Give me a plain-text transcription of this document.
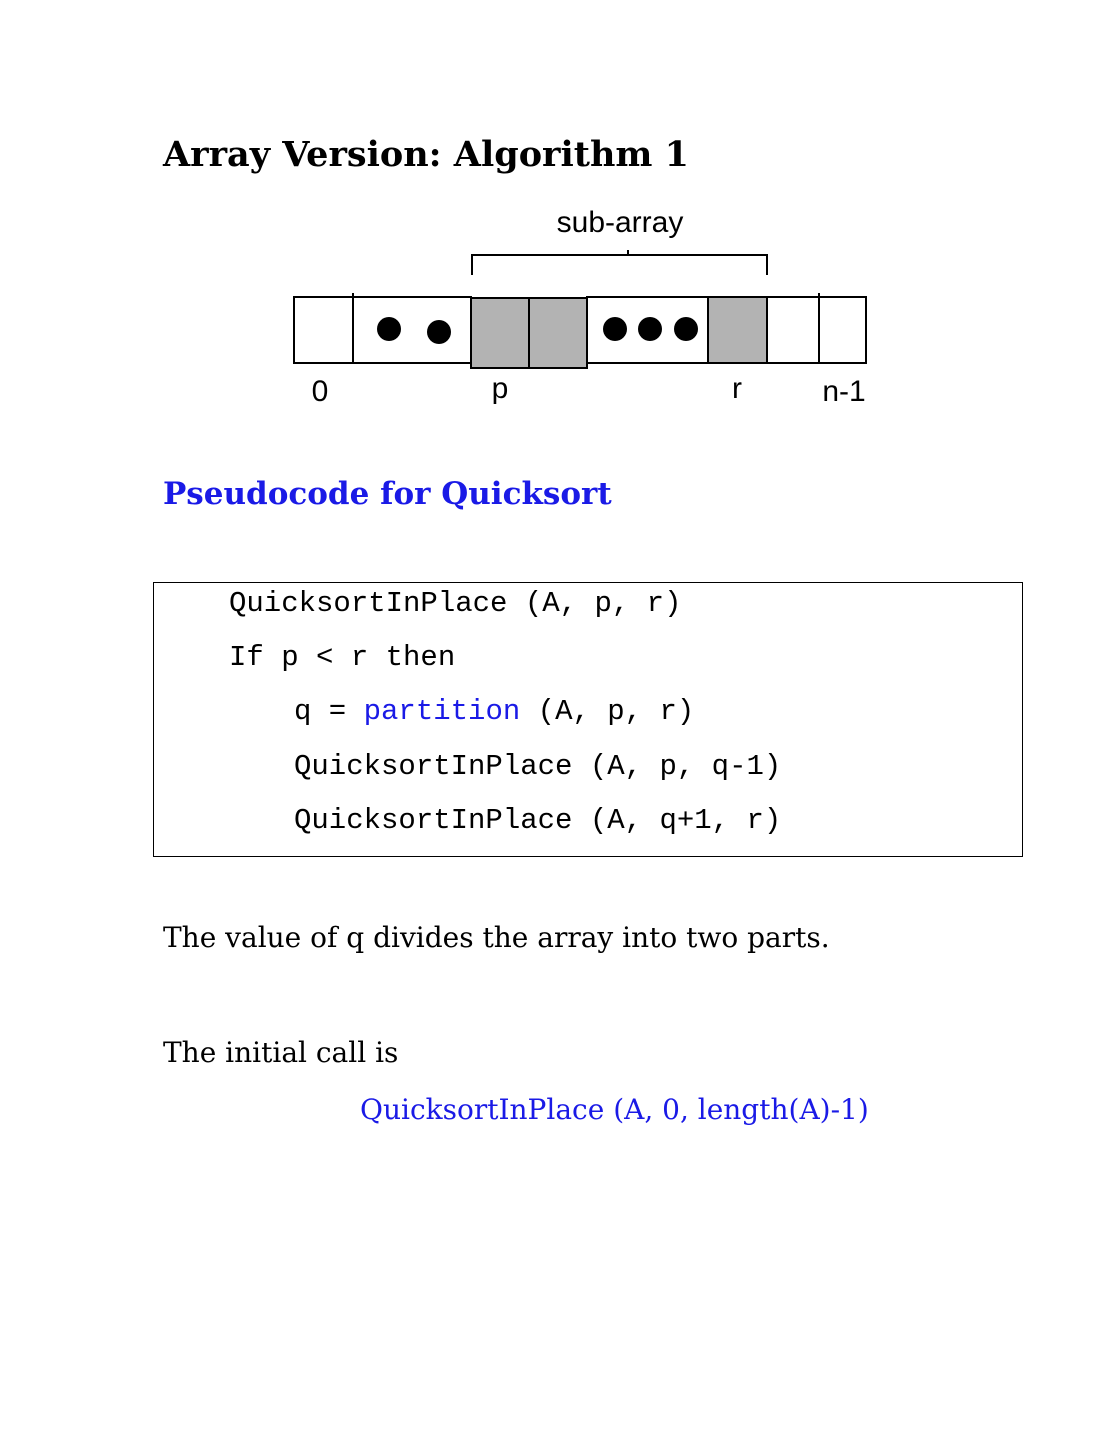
Array Version: Algorithm 1
sub-array
0	p	r	n-1
Pseudocode for Quicksort
QuicksortInPlace (A, p, r)
If p < r then
q = partition (A, p, r)
QuicksortInPlace (A, p, q-1)
QuicksortInPlace (A, q+1, r)

The value of q divides the array into two parts.

The initial call is

QuicksortInPlace (A, 0, length(A)-1)
